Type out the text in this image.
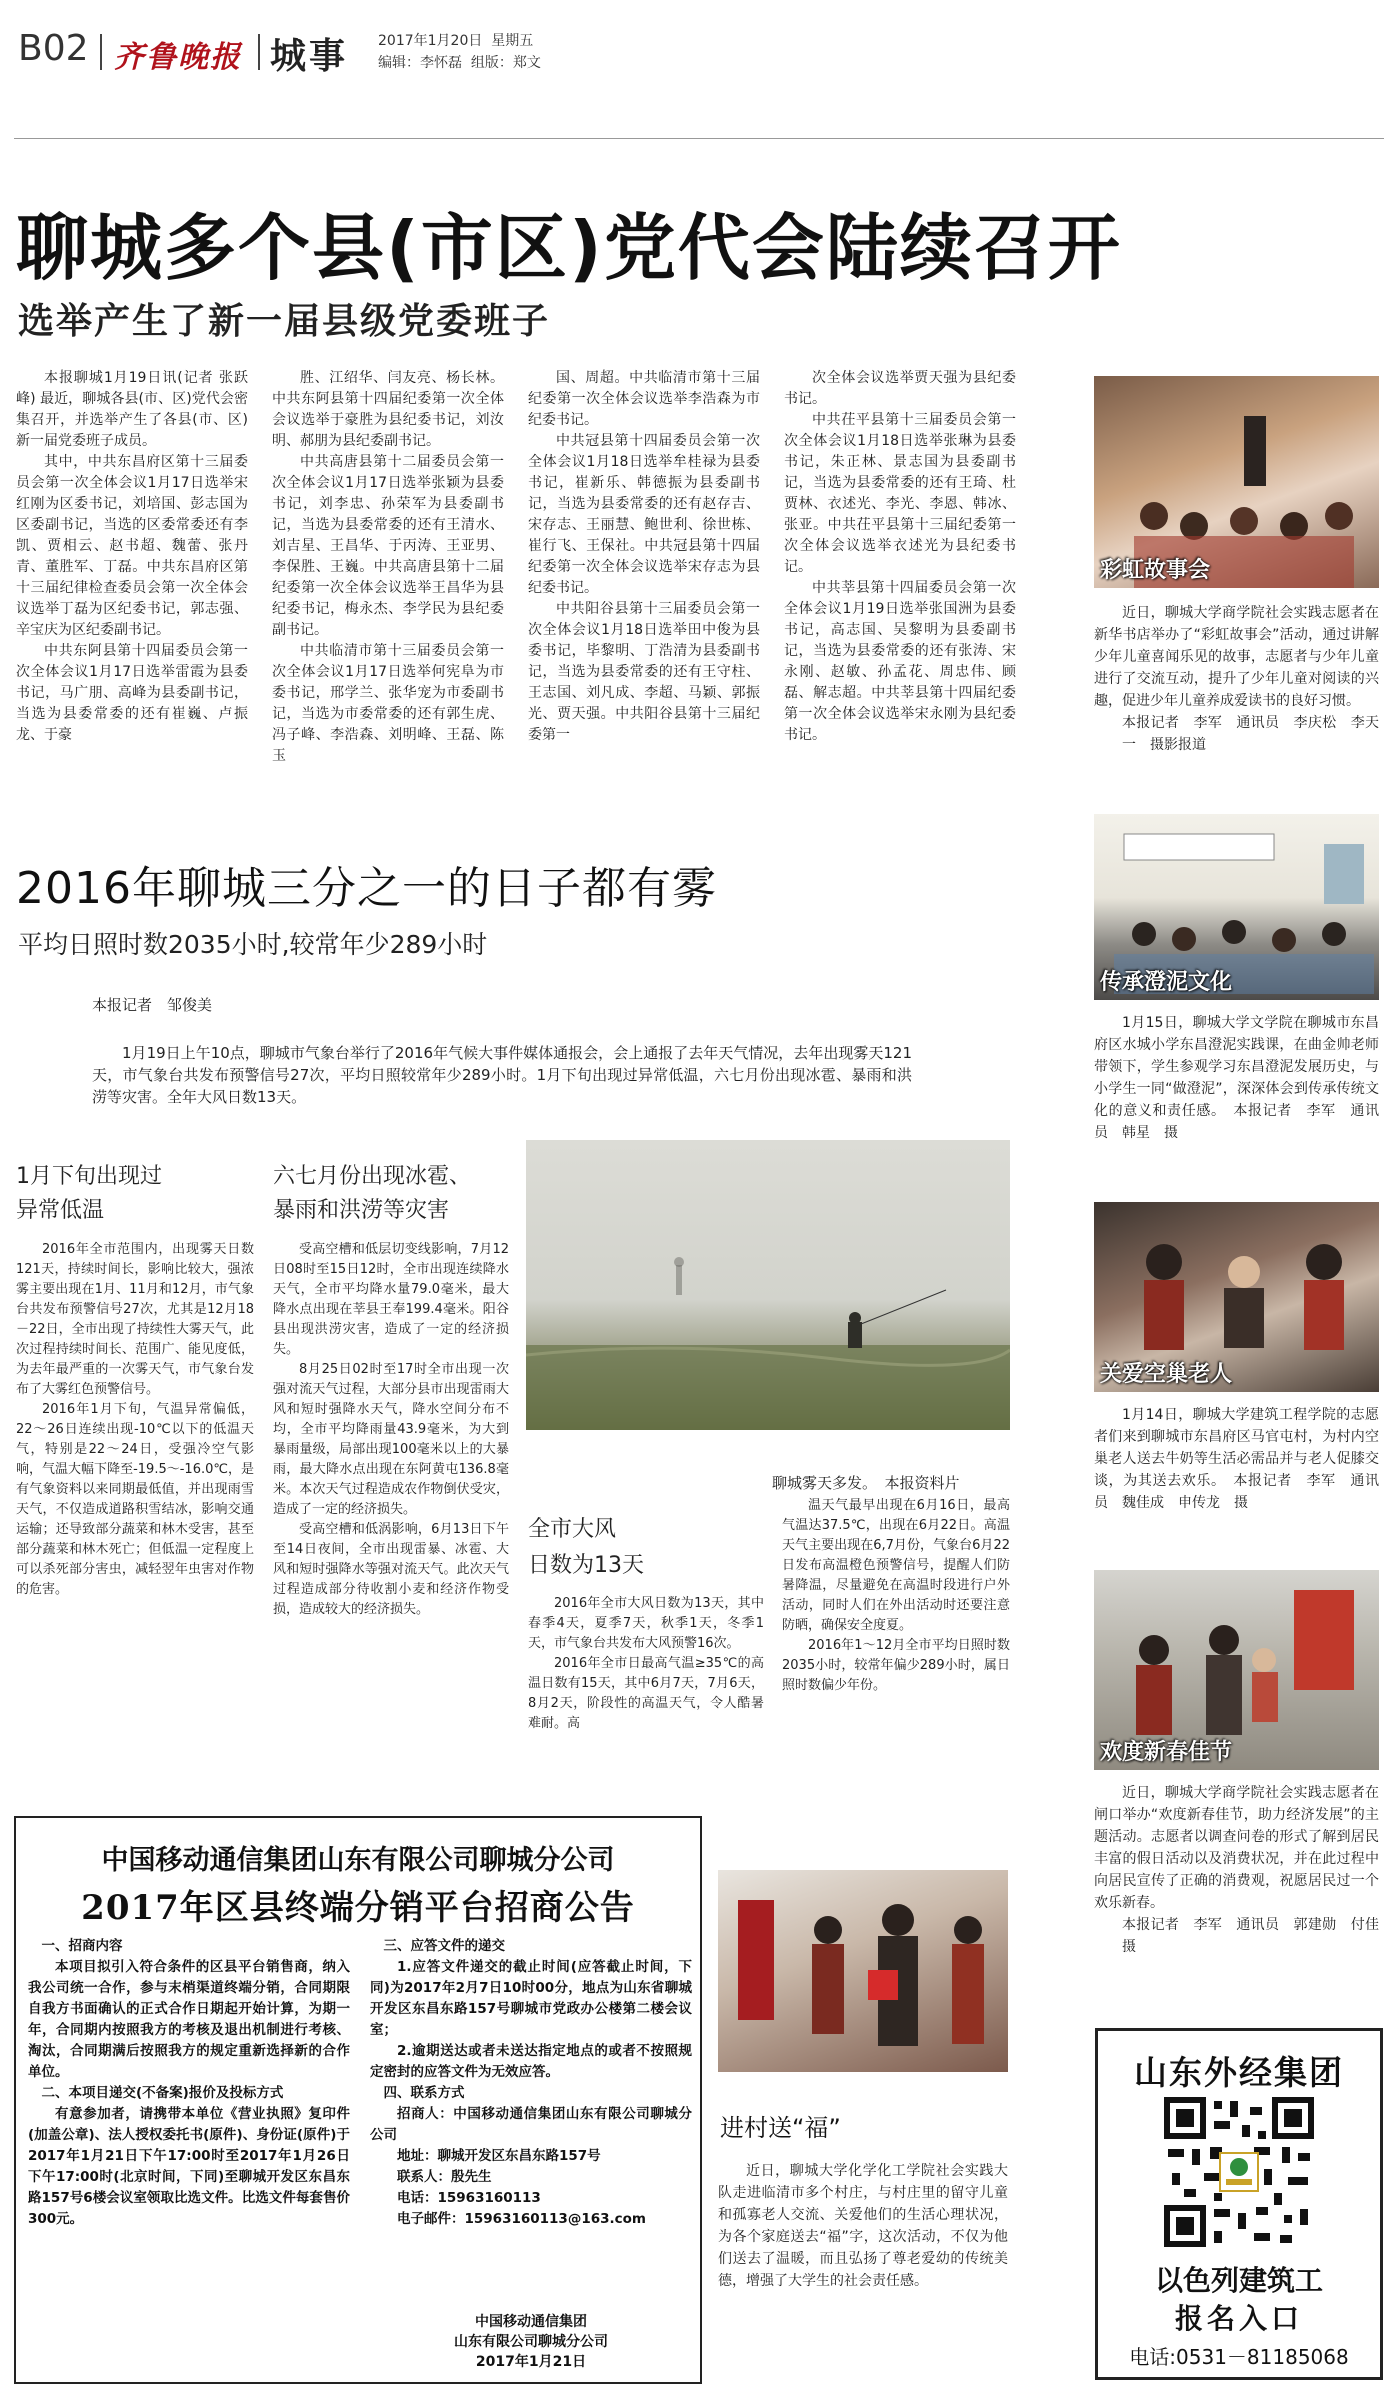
B02 齐鲁晚报 城事 2017年1月20日 星期五
编辑：李怀磊 组版：郑文
聊城多个县(市区)党代会陆续召开
选举产生了新一届县级党委班子

本报聊城1月19日讯(记者 张跃峰) 最近，聊城各县(市、区)党代会密集召开，并选举产生了各县(市、区)新一届党委班子成员。

其中，中共东昌府区第十三届委员会第一次全体会议1月17日选举宋红刚为区委书记，刘培国、彭志国为区委副书记，当选的区委常委还有李凯、贾相云、赵书超、魏蕾、张丹青、董胜军、丁磊。中共东昌府区第十三届纪律检查委员会第一次全体会议选举丁磊为区纪委书记，郭志强、辛宝庆为区纪委副书记。

中共东阿县第十四届委员会第一次全体会议1月17日选举雷霞为县委书记，马广朋、高峰为县委副书记，当选为县委常委的还有崔巍、卢振龙、于豪

胜、江绍华、闫友亮、杨长林。中共东阿县第十四届纪委第一次全体会议选举于豪胜为县纪委书记，刘汝明、郝朋为县纪委副书记。

中共高唐县第十二届委员会第一次全体会议1月17日选举张颖为县委书记，刘李忠、孙荣军为县委副书记，当选为县委常委的还有王清水、刘吉星、王昌华、于丙涛、王亚男、李保胜、王巍。中共高唐县第十二届纪委第一次全体会议选举王昌华为县纪委书记，梅永杰、李学民为县纪委副书记。

中共临清市第十三届委员会第一次全体会议1月17日选举何宪阜为市委书记，邢学兰、张华宠为市委副书记，当选为市委常委的还有郭生虎、冯子峰、李浩森、刘明峰、王磊、陈玉

国、周超。中共临清市第十三届纪委第一次全体会议选举李浩森为市纪委书记。

中共冠县第十四届委员会第一次全体会议1月18日选举牟桂禄为县委书记，崔新乐、韩德振为县委副书记，当选为县委常委的还有赵存吉、宋存志、王丽慧、鲍世利、徐世栋、崔行飞、王保社。中共冠县第十四届纪委第一次全体会议选举宋存志为县纪委书记。

中共阳谷县第十三届委员会第一次全体会议1月18日选举田中俊为县委书记，毕黎明、丁浩清为县委副书记，当选为县委常委的还有王守柱、王志国、刘凡成、李超、马颖、郭振光、贾天强。中共阳谷县第十三届纪委第一

次全体会议选举贾天强为县纪委书记。

中共茌平县第十三届委员会第一次全体会议1月18日选举张琳为县委书记，朱正林、景志国为县委副书记，当选为县委常委的还有王琦、杜贾林、衣述光、李光、李恩、韩冰、张亚。中共茌平县第十三届纪委第一次全体会议选举衣述光为县纪委书记。

中共莘县第十四届委员会第一次全体会议1月19日选举张国洲为县委书记，高志国、吴黎明为县委副书记，当选为县委常委的还有张涛、宋永刚、赵敏、孙孟花、周忠伟、顾磊、解志超。中共莘县第十四届纪委第一次全体会议选举宋永刚为县纪委书记。

2016年聊城三分之一的日子都有雾
平均日照时数2035小时,较常年少289小时
本报记者　邹俊美
1月19日上午10点，聊城市气象台举行了2016年气候大事件媒体通报会，会上通报了去年天气情况，去年出现雾天121天，市气象台共发布预警信号27次，平均日照较常年少289小时。1月下旬出现过异常低温，六七月份出现冰雹、暴雨和洪涝等灾害。全年大风日数13天。
1月下旬出现过
异常低温

2016年全市范围内，出现雾天日数121天，持续时间长，影响比较大，强浓雾主要出现在1月、11月和12月，市气象台共发布预警信号27次，尤其是12月18－22日，全市出现了持续性大雾天气，此次过程持续时间长、范围广、能见度低，为去年最严重的一次雾天气，市气象台发布了大雾红色预警信号。

2016年1月下旬，气温异常偏低，22～26日连续出现-10℃以下的低温天气，特别是22～24日，受强冷空气影响，气温大幅下降至-19.5～-16.0℃，是有气象资料以来同期最低值，并出现雨雪天气，不仅造成道路积雪结冰，影响交通运输；还导致部分蔬菜和林木受害，甚至部分蔬菜和林木死亡；但低温一定程度上可以杀死部分害虫，减轻翌年虫害对作物的危害。

六七月份出现冰雹、
暴雨和洪涝等灾害

受高空槽和低层切变线影响，7月12日08时至15日12时，全市出现连续降水天气，全市平均降水量79.0毫米，最大降水点出现在莘县王奉199.4毫米。阳谷县出现洪涝灾害，造成了一定的经济损失。

8月25日02时至17时全市出现一次强对流天气过程，大部分县市出现雷雨大风和短时强降水天气，降水空间分布不均，全市平均降雨量43.9毫米，为大到暴雨量级，局部出现100毫米以上的大暴雨，最大降水点出现在东阿黄屯136.8毫米。本次天气过程造成农作物倒伏受灾，造成了一定的经济损失。

受高空槽和低涡影响，6月13日下午至14日夜间，全市出现雷暴、冰雹、大风和短时强降水等强对流天气。此次天气过程造成部分待收割小麦和经济作物受损，造成较大的经济损失。

聊城雾天多发。　本报资料片
全市大风
日数为13天

2016年全市大风日数为13天，其中春季4天，夏季7天，秋季1天，冬季1天，市气象台共发布大风预警16次。

2016年全市日最高气温≥35℃的高温日数有15天，其中6月7天，7月6天，8月2天，阶段性的高温天气，令人酷暑难耐。高

温天气最早出现在6月16日，最高气温达37.5℃，出现在6月22日。高温天气主要出现在6,7月份，气象台6月22日发布高温橙色预警信号，提醒人们防暑降温，尽量避免在高温时段进行户外活动，同时人们在外出活动时还要注意防晒，确保安全度夏。

2016年1～12月全市平均日照时数2035小时，较常年偏少289小时，属日照时数偏少年份。

彩虹故事会

近日，聊城大学商学院社会实践志愿者在新华书店举办了“彩虹故事会”活动，通过讲解少年儿童喜闻乐见的故事，志愿者与少年儿童进行了交流互动，提升了少年儿童对阅读的兴趣，促进少年儿童养成爱读书的良好习惯。

本报记者　李军　通讯员　李庆松　李天一　摄影报道
传承澄泥文化

1月15日，聊城大学文学院在聊城市东昌府区水城小学东昌澄泥实践课，在曲金帅老师带领下，学生参观学习东昌澄泥发展历史，与小学生一同“做澄泥”，深深体会到传承传统文化的意义和责任感。　本报记者　李军　通讯员　韩星　摄

关爱空巢老人

1月14日，聊城大学建筑工程学院的志愿者们来到聊城市东昌府区马官屯村，为村内空巢老人送去牛奶等生活必需品并与老人促膝交谈，为其送去欢乐。　本报记者　李军　通讯员　魏佳成　申传龙　摄

欢度新春佳节

近日，聊城大学商学院社会实践志愿者在闸口举办“欢度新春佳节，助力经济发展”的主题活动。志愿者以调查问卷的形式了解到居民丰富的假日活动以及消费状况，并在此过程中向居民宣传了正确的消费观，祝愿居民过一个欢乐新春。

本报记者　李军　通讯员　郭建勋　付佳　摄
中国移动通信集团山东有限公司聊城分公司
2017年区县终端分销平台招商公告
一、招商内容
本项目拟引入符合条件的区县平台销售商，纳入我公司统一合作，参与末梢渠道终端分销，合同期限自我方书面确认的正式合作日期起开始计算，为期一年，合同期内按照我方的考核及退出机制进行考核、淘汰，合同期满后按照我方的规定重新选择新的合作单位。
二、本项目递交(不备案)报价及投标方式
有意参加者，请携带本单位《营业执照》复印件(加盖公章)、法人授权委托书(原件)、身份证(原件)于2017年1月21日下午17:00时至2017年1月26日下午17:00时(北京时间，下同)至聊城开发区东昌东路157号6楼会议室领取比选文件。比选文件每套售价300元。
三、应答文件的递交
1.应答文件递交的截止时间(应答截止时间，下同)为2017年2月7日10时00分，地点为山东省聊城开发区东昌东路157号聊城市党政办公楼第二楼会议室；
2.逾期送达或者未送达指定地点的或者不按照规定密封的应答文件为无效应答。
四、联系方式
招商人：中国移动通信集团山东有限公司聊城分公司
地址：聊城开发区东昌东路157号
联系人：殷先生
电话：15963160113
电子邮件：15963160113@163.com
中国移动通信集团
山东有限公司聊城分公司
2017年1月21日
进村送“福”

近日，聊城大学化学化工学院社会实践大队走进临清市多个村庄，与村庄里的留守儿童和孤寡老人交流、关爱他们的生活心理状况，为各个家庭送去“福”字，这次活动，不仅为他们送去了温暖，而且弘扬了尊老爱幼的传统美德，增强了大学生的社会责任感。

山东外经集团
以色列建筑工
报名入口
电话:0531－81185068
